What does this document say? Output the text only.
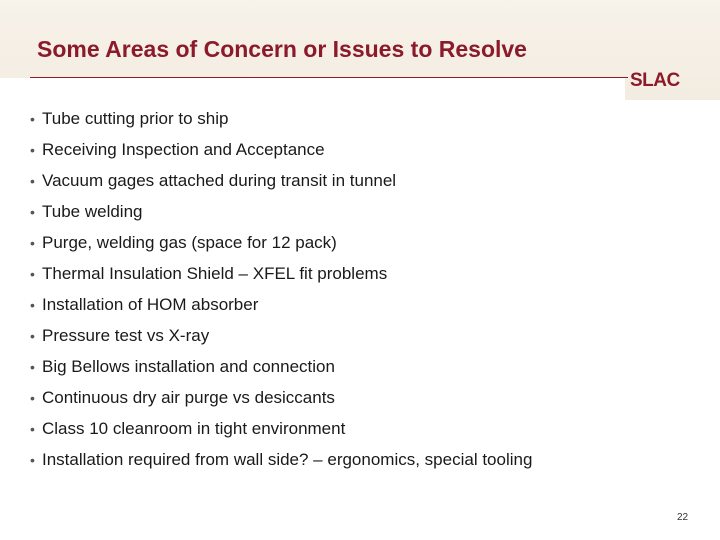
Some Areas of Concern or Issues to Resolve
SLAC
• Tube cutting prior to ship
• Receiving Inspection and Acceptance
• Vacuum gages attached during transit in tunnel
• Tube welding
• Purge, welding gas (space for 12 pack)
• Thermal Insulation Shield – XFEL fit problems
• Installation of HOM absorber
• Pressure test vs X-ray
• Big Bellows installation and connection
• Continuous dry air purge vs desiccants
• Class 10 cleanroom in tight environment
• Installation required from wall side? – ergonomics, special tooling
22
